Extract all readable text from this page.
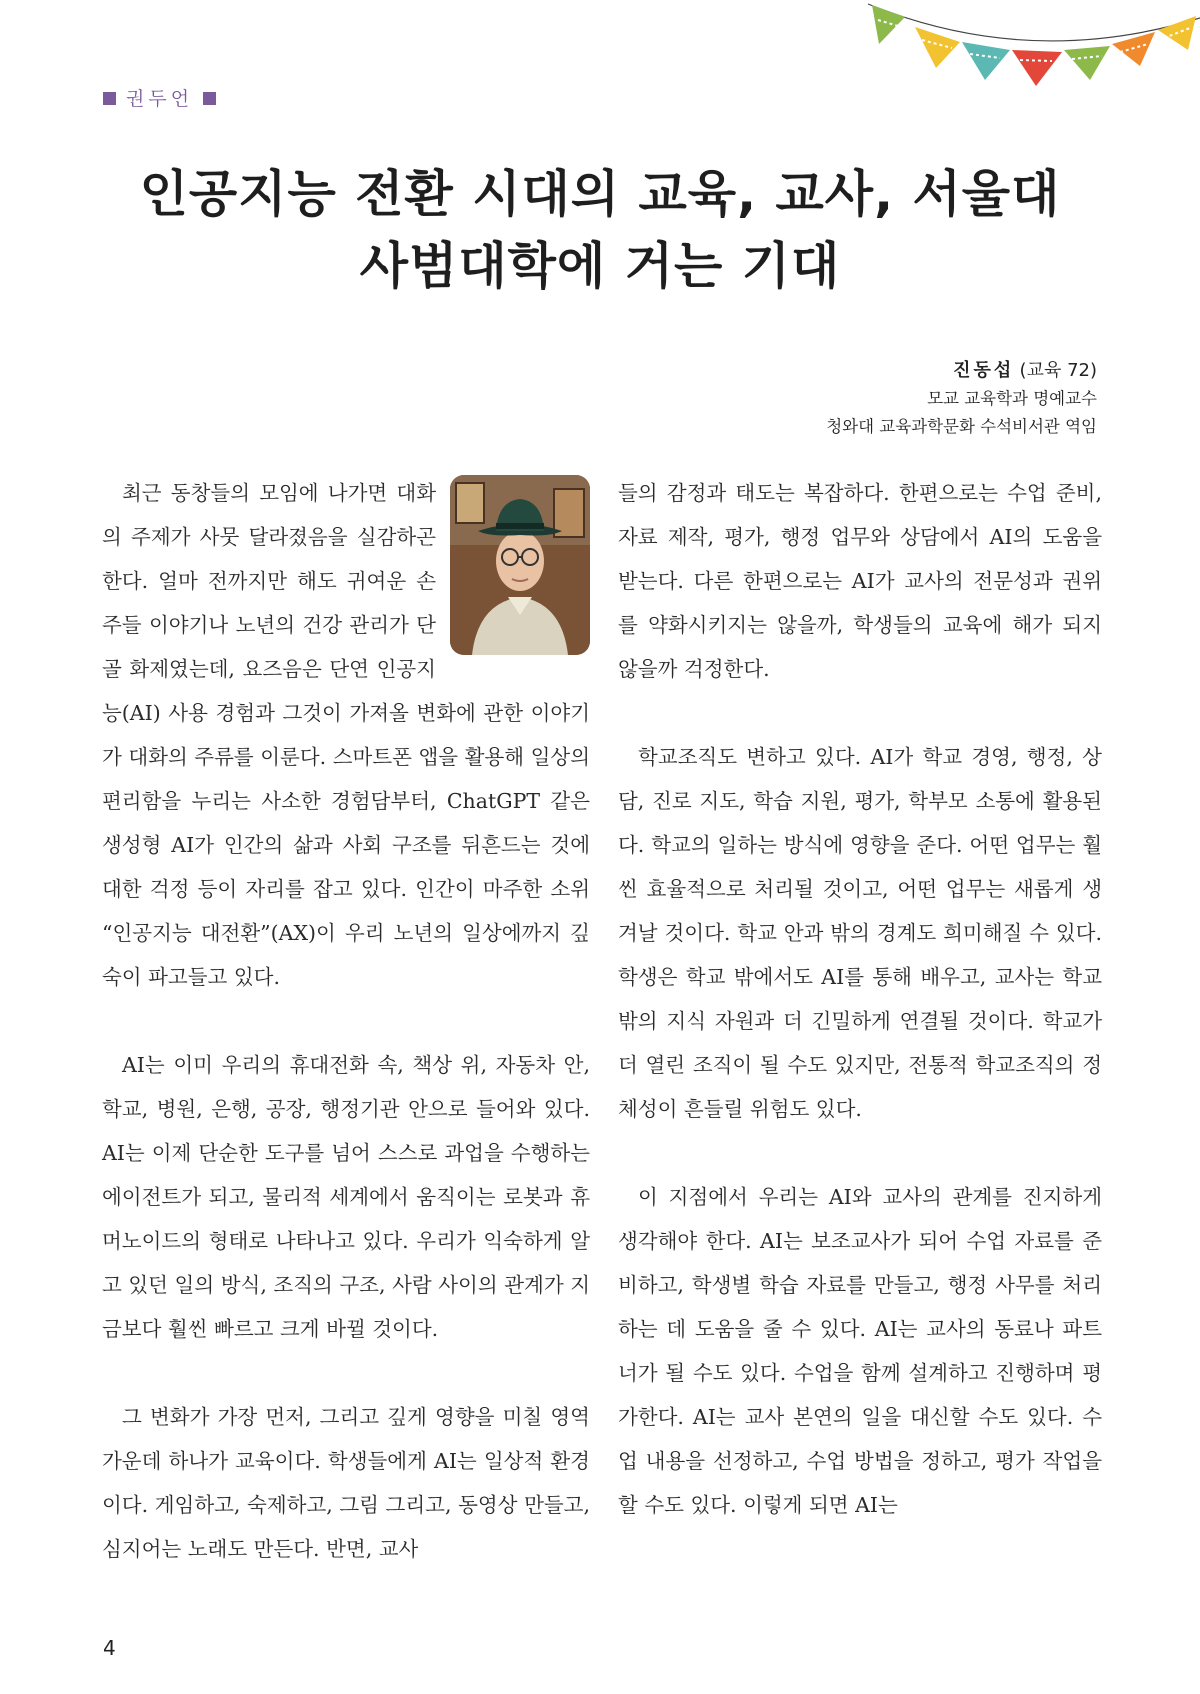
권두언
인공지능 전환 시대의 교육, 교사, 서울대
사범대학에 거는 기대
진동섭 (교육 72)
모교 교육학과 명예교수
청와대 교육과학문화 수석비서관 역임

최근 동창들의 모임에 나가면 대화의 주제가 사뭇 달라졌음을 실감하곤 한다. 얼마 전까지만 해도 귀여운 손주들 이야기나 노년의 건강 관리가 단골 화제였는데, 요즈음은 단연 인공지능(AI) 사용 경험과 그것이 가져올 변화에 관한 이야기가 대화의 주류를 이룬다. 스마트폰 앱을 활용해 일상의 편리함을 누리는 사소한 경험담부터, ChatGPT 같은 생성형 AI가 인간의 삶과 사회 구조를 뒤흔드는 것에 대한 걱정 등이 자리를 잡고 있다. 인간이 마주한 소위 “인공지능 대전환”(AX)이 우리 노년의 일상에까지 깊숙이 파고들고 있다.

AI는 이미 우리의 휴대전화 속, 책상 위, 자동차 안, 학교, 병원, 은행, 공장, 행정기관 안으로 들어와 있다. AI는 이제 단순한 도구를 넘어 스스로 과업을 수행하는 에이전트가 되고, 물리적 세계에서 움직이는 로봇과 휴머노이드의 형태로 나타나고 있다. 우리가 익숙하게 알고 있던 일의 방식, 조직의 구조, 사람 사이의 관계가 지금보다 훨씬 빠르고 크게 바뀔 것이다.

그 변화가 가장 먼저, 그리고 깊게 영향을 미칠 영역 가운데 하나가 교육이다. 학생들에게 AI는 일상적 환경이다. 게임하고, 숙제하고, 그림 그리고, 동영상 만들고, 심지어는 노래도 만든다. 반면, 교사

들의 감정과 태도는 복잡하다. 한편으로는 수업 준비, 자료 제작, 평가, 행정 업무와 상담에서 AI의 도움을 받는다. 다른 한편으로는 AI가 교사의 전문성과 권위를 약화시키지는 않을까, 학생들의 교육에 해가 되지 않을까 걱정한다.

학교조직도 변하고 있다. AI가 학교 경영, 행정, 상담, 진로 지도, 학습 지원, 평가, 학부모 소통에 활용된다. 학교의 일하는 방식에 영향을 준다. 어떤 업무는 훨씬 효율적으로 처리될 것이고, 어떤 업무는 새롭게 생겨날 것이다. 학교 안과 밖의 경계도 희미해질 수 있다. 학생은 학교 밖에서도 AI를 통해 배우고, 교사는 학교 밖의 지식 자원과 더 긴밀하게 연결될 것이다. 학교가 더 열린 조직이 될 수도 있지만, 전통적 학교조직의 정체성이 흔들릴 위험도 있다.

이 지점에서 우리는 AI와 교사의 관계를 진지하게 생각해야 한다. AI는 보조교사가 되어 수업 자료를 준비하고, 학생별 학습 자료를 만들고, 행정 사무를 처리하는 데 도움을 줄 수 있다. AI는 교사의 동료나 파트너가 될 수도 있다. 수업을 함께 설계하고 진행하며 평가한다. AI는 교사 본연의 일을 대신할 수도 있다. 수업 내용을 선정하고, 수업 방법을 정하고, 평가 작업을 할 수도 있다. 이렇게 되면 AI는

4
